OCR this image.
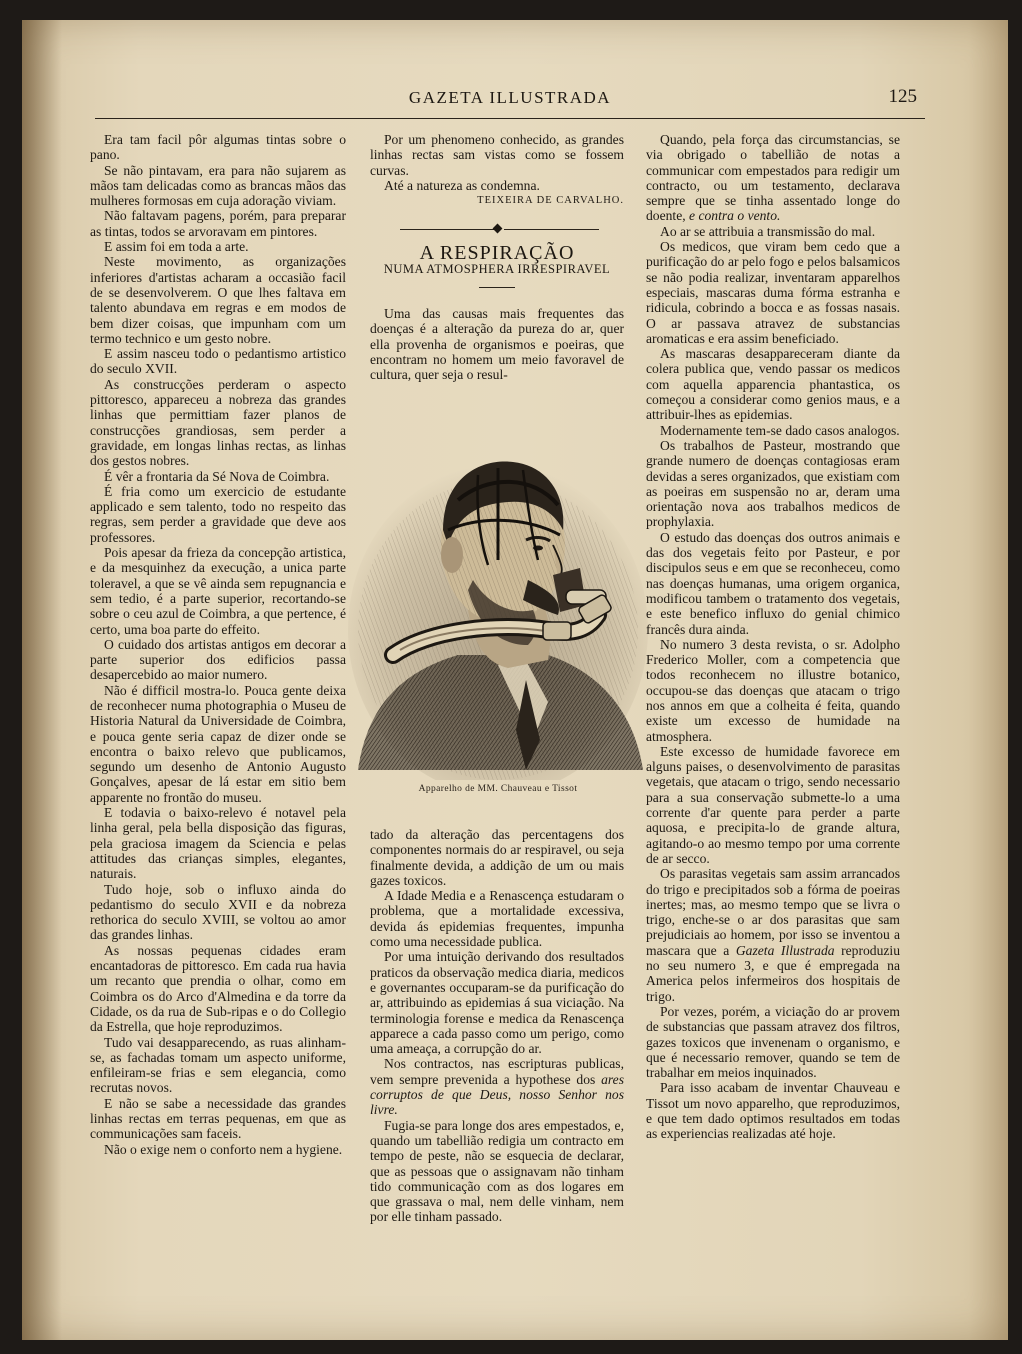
GAZETA ILLUSTRADA	125

Era tam facil pôr algumas tintas sobre o pano.

Se não pintavam, era para não sujarem as mãos tam delicadas como as brancas mãos das mulheres formosas em cuja adoração viviam.

Não faltavam pagens, porém, para preparar as tintas, todos se arvoravam em pintores.

E assim foi em toda a arte.

Neste movimento, as organizações inferiores d'artistas acharam a occasião facil de se desenvolverem. O que lhes faltava em talento abundava em regras e em modos de bem dizer coisas, que impunham com um termo technico e um gesto nobre.

E assim nasceu todo o pedantismo artistico do seculo XVII.

As construcções perderam o aspecto pittoresco, appareceu a nobreza das grandes linhas que permittiam fazer planos de construcções grandiosas, sem perder a gravidade, em longas linhas rectas, as linhas dos gestos nobres.

É vêr a frontaria da Sé Nova de Coimbra.

É fria como um exercicio de estudante applicado e sem talento, todo no respeito das regras, sem perder a gravidade que deve aos professores.

Pois apesar da frieza da concepção artistica, e da mesquinhez da execução, a unica parte toleravel, a que se vê ainda sem repugnancia e sem tedio, é a parte superior, recortando-se sobre o ceu azul de Coimbra, a que pertence, é certo, uma boa parte do effeito.

O cuidado dos artistas antigos em decorar a parte superior dos edificios passa desapercebido ao maior numero.

Não é difficil mostra-lo. Pouca gente deixa de reconhecer numa photographia o Museu de Historia Natural da Universidade de Coimbra, e pouca gente seria capaz de dizer onde se encontra o baixo relevo que publicamos, segundo um desenho de Antonio Augusto Gonçalves, apesar de lá estar em sitio bem apparente no frontão do museu.

E todavia o baixo-relevo é notavel pela linha geral, pela bella disposição das figuras, pela graciosa imagem da Sciencia e pelas attitudes das crianças simples, elegantes, naturais.

Tudo hoje, sob o influxo ainda do pedantismo do seculo XVII e da nobreza rethorica do seculo XVIII, se voltou ao amor das grandes linhas.

As nossas pequenas cidades eram encantadoras de pittoresco. Em cada rua havia um recanto que prendia o olhar, como em Coimbra os do Arco d'Almedina e da torre da Cidade, os da rua de Sub-ripas e o do Collegio da Estrella, que hoje reproduzimos.

Tudo vai desapparecendo, as ruas alinham-se, as fachadas tomam um aspecto uniforme, enfileiram-se frias e sem elegancia, como recrutas novos.

E não se sabe a necessidade das grandes linhas rectas em terras pequenas, em que as communicações sam faceis.

Não o exige nem o conforto nem a hygiene.

Por um phenomeno conhecido, as grandes linhas rectas sam vistas como se fossem curvas.

Até a natureza as condemna.

TEIXEIRA DE CARVALHO.

A RESPIRAÇÃO

NUMA ATMOSPHERA IRRESPIRAVEL

Uma das causas mais frequentes das doenças é a alteração da pureza do ar, quer ella provenha de organismos e poeiras, que encontram no homem um meio favoravel de cultura, quer seja o resul-

Apparelho de MM. Chauveau e Tissot

tado da alteração das percentagens dos componentes normais do ar respiravel, ou seja finalmente devida, a addição de um ou mais gazes toxicos.

A Idade Media e a Renascença estudaram o problema, que a mortalidade excessiva, devida ás epidemias frequentes, impunha como uma necessidade publica.

Por uma intuição derivando dos resultados praticos da observação medica diaria, medicos e governantes occuparam-se da purificação do ar, attribuindo as epidemias á sua viciação. Na terminologia forense e medica da Renascença apparece a cada passo como um perigo, como uma ameaça, a corrupção do ar.

Nos contractos, nas escripturas publicas, vem sempre prevenida a hypothese dos ares corruptos de que Deus, nosso Senhor nos livre.

Fugia-se para longe dos ares empestados, e, quando um tabellião redigia um contracto em tempo de peste, não se esquecia de declarar, que as pessoas que o assignavam não tinham tido communicação com as dos logares em que grassava o mal, nem delle vinham, nem por elle tinham passado.

Quando, pela força das circumstancias, se via obrigado o tabellião de notas a communicar com empestados para redigir um contracto, ou um testamento, declarava sempre que se tinha assentado longe do doente, e contra o vento.

Ao ar se attribuia a transmissão do mal.

Os medicos, que viram bem cedo que a purificação do ar pelo fogo e pelos balsamicos se não podia realizar, inventaram apparelhos especiais, mascaras duma fórma estranha e ridicula, cobrindo a bocca e as fossas nasais. O ar passava atravez de substancias aromaticas e era assim beneficiado.

As mascaras desappareceram diante da colera publica que, vendo passar os medicos com aquella apparencia phantastica, os começou a considerar como genios maus, e a attribuir-lhes as epidemias.

Modernamente tem-se dado casos analogos.

Os trabalhos de Pasteur, mostrando que grande numero de doenças contagiosas eram devidas a seres organizados, que existiam com as poeiras em suspensão no ar, deram uma orientação nova aos trabalhos medicos de prophylaxia.

O estudo das doenças dos outros animais e das dos vegetais feito por Pasteur, e por discipulos seus e em que se reconheceu, como nas doenças humanas, uma origem organica, modificou tambem o tratamento dos vegetais, e este benefico influxo do genial chimico francês dura ainda.

No numero 3 desta revista, o sr. Adolpho Frederico Moller, com a competencia que todos reconhecem no illustre botanico, occupou-se das doenças que atacam o trigo nos annos em que a colheita é feita, quando existe um excesso de humidade na atmosphera.

Este excesso de humidade favorece em alguns paises, o desenvolvimento de parasitas vegetais, que atacam o trigo, sendo necessario para a sua conservação submette-lo a uma corrente d'ar quente para perder a parte aquosa, e precipita-lo de grande altura, agitando-o ao mesmo tempo por uma corrente de ar secco.

Os parasitas vegetais sam assim arrancados do trigo e precipitados sob a fórma de poeiras inertes; mas, ao mesmo tempo que se livra o trigo, enche-se o ar dos parasitas que sam prejudiciais ao homem, por isso se inventou a mascara que a Gazeta Illustrada reproduziu no seu numero 3, e que é empregada na America pelos infermeiros dos hospitais de trigo.

Por vezes, porém, a viciação do ar provem de substancias que passam atravez dos filtros, gazes toxicos que invenenam o organismo, e que é necessario remover, quando se tem de trabalhar em meios inquinados.

Para isso acabam de inventar Chauveau e Tissot um novo apparelho, que reproduzimos, e que tem dado optimos resultados em todas as experiencias realizadas até hoje.
